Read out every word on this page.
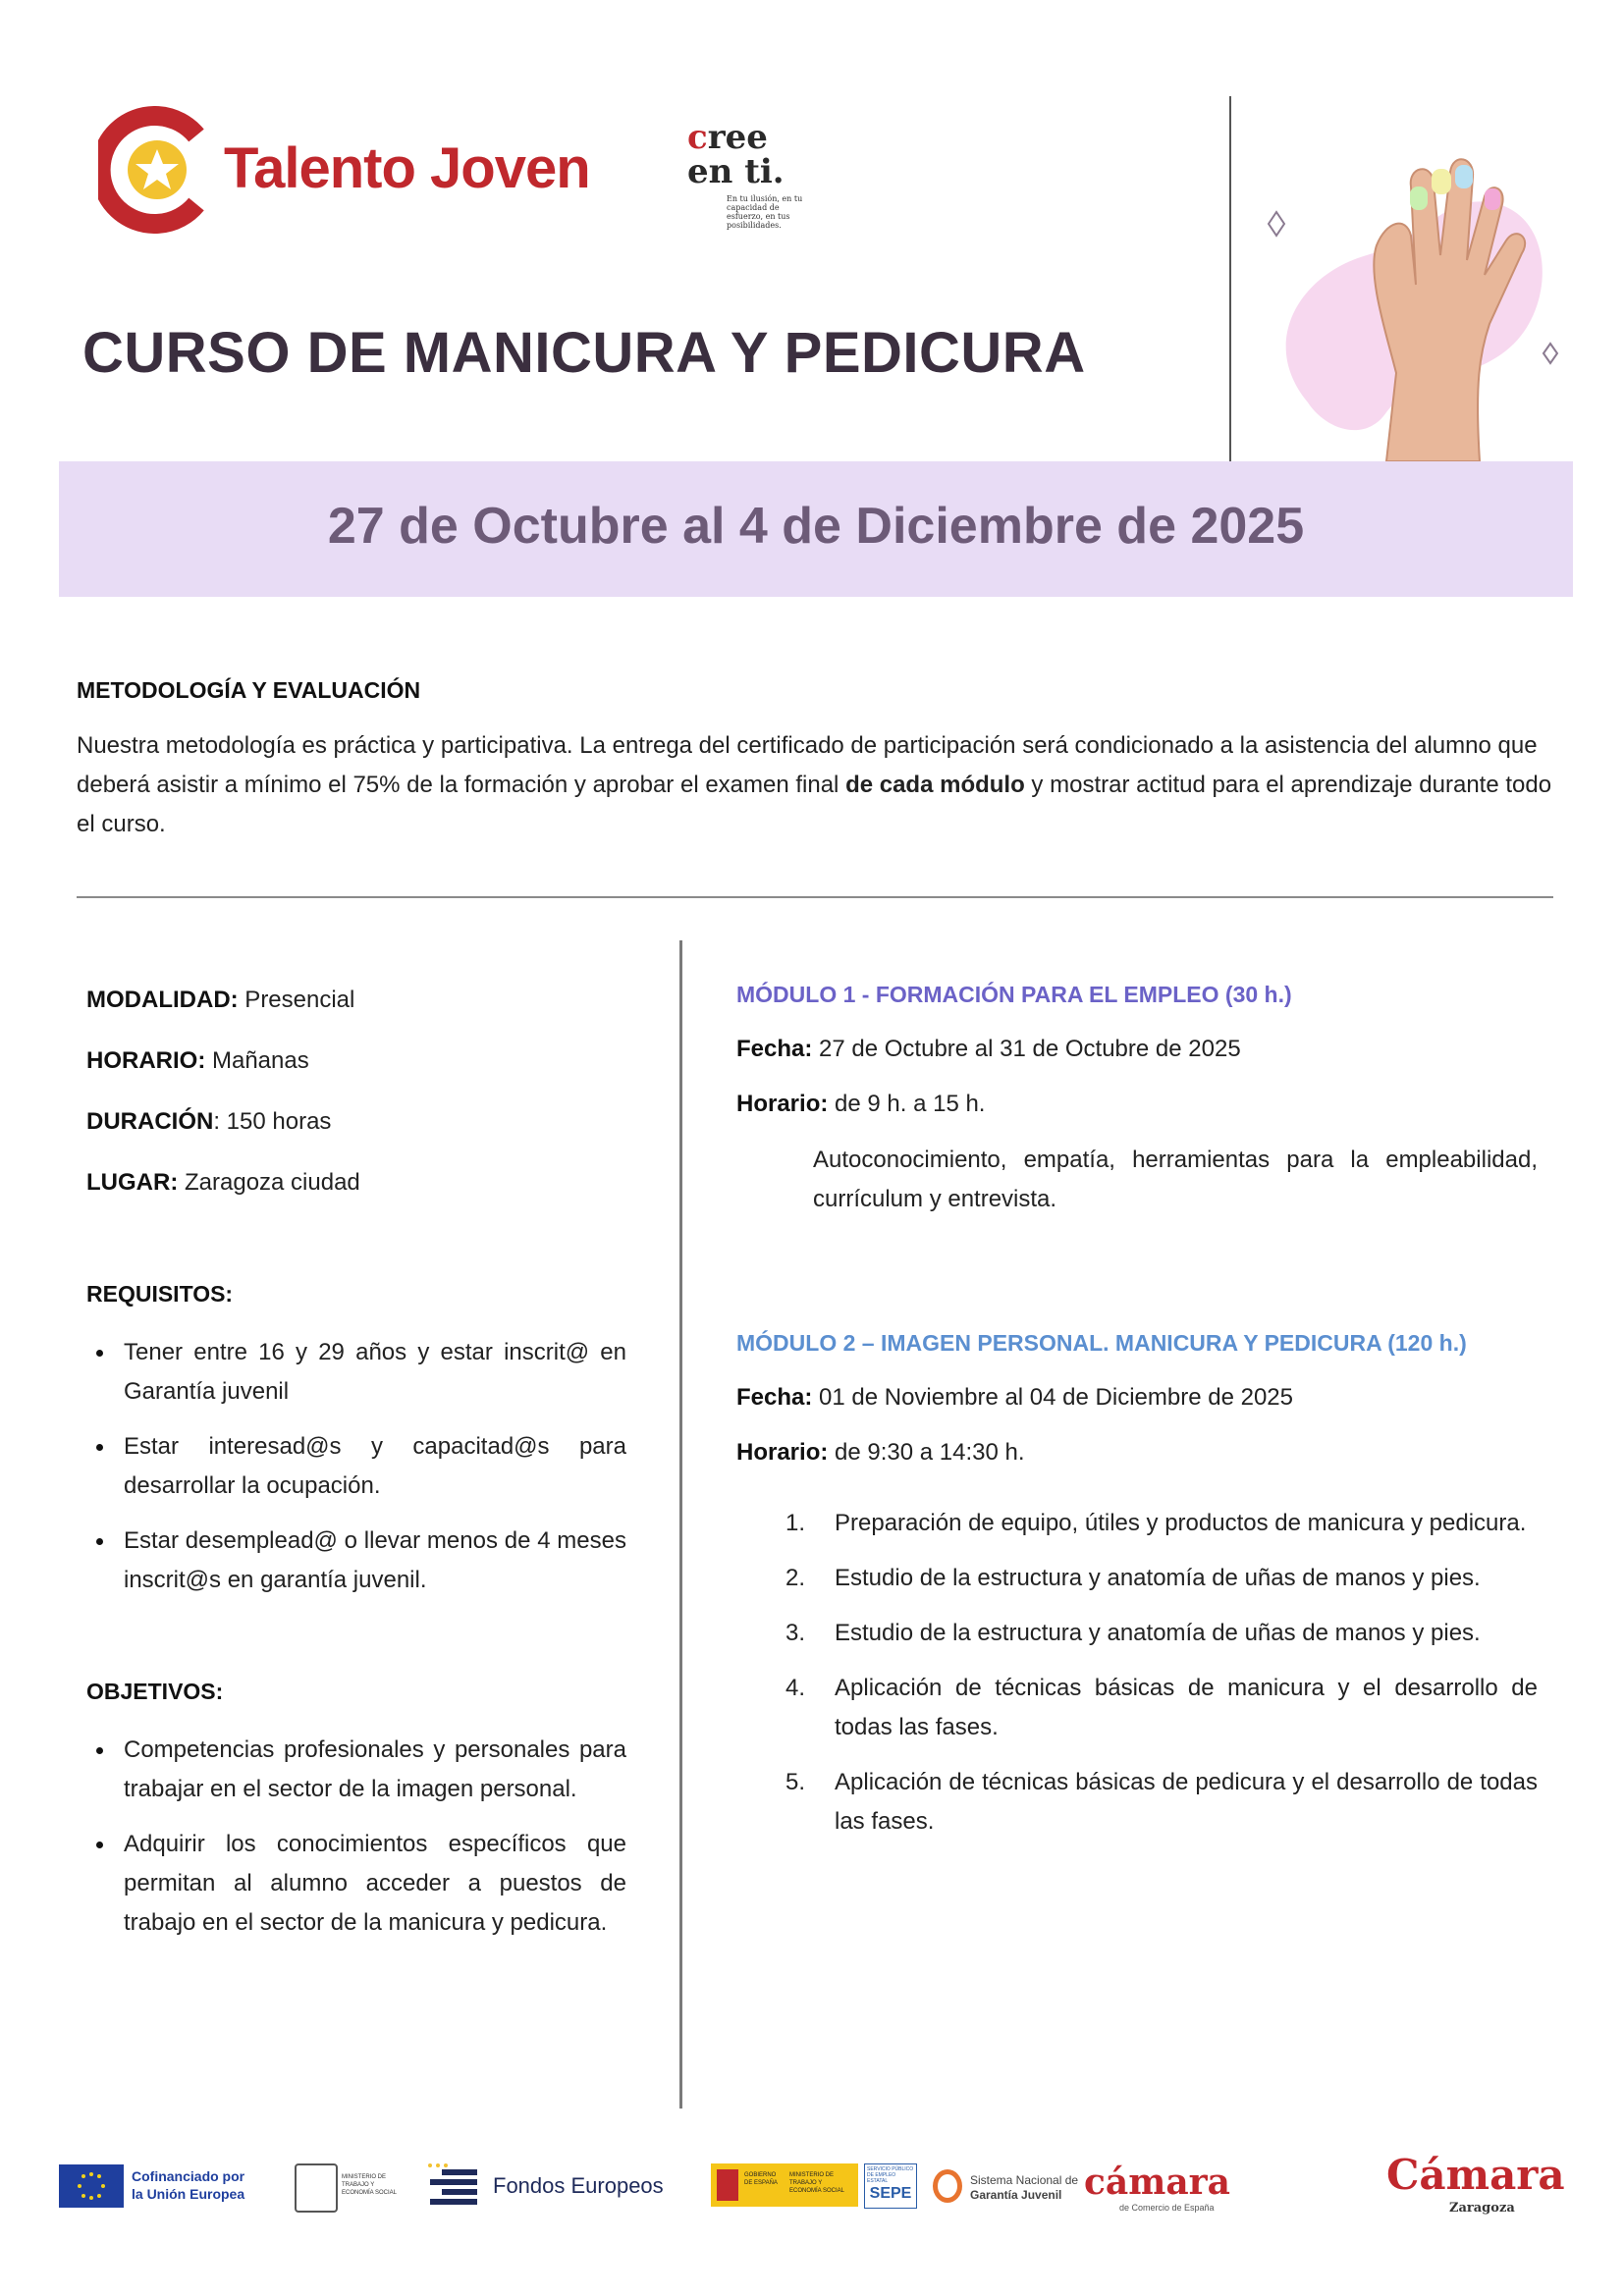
Talento Joven	cree
en ti.
En tu ilusión, en tu capacidad de esfuerzo, en tus posibilidades.
CURSO DE MANICURA Y PEDICURA
27 de Octubre al 4 de Diciembre de 2025
METODOLOGÍA Y EVALUACIÓN
Nuestra metodología es práctica y participativa. La entrega del certificado de participación será condicionado a la asistencia del alumno que deberá asistir a mínimo el 75% de la formación y aprobar el examen final de cada módulo y mostrar actitud para el aprendizaje durante todo el curso.
MODALIDAD: Presencial
HORARIO: Mañanas
DURACIÓN: 150 horas
LUGAR: Zaragoza ciudad
REQUISITOS:
Tener entre 16 y 29 años y estar inscrit@ en Garantía juvenil
Estar interesad@s y capacitad@s para desarrollar la ocupación.
Estar desemplead@ o llevar menos de 4 meses inscrit@s en garantía juvenil.
OBJETIVOS:
Competencias profesionales y personales para trabajar en el sector de la imagen personal.
Adquirir los conocimientos específicos que permitan al alumno acceder a puestos de trabajo en el sector de la manicura y pedicura.
MÓDULO 1 - FORMACIÓN PARA EL EMPLEO (30 h.)
Fecha: 27 de Octubre al 31 de Octubre de 2025
Horario: de 9 h. a 15 h.
Autoconocimiento, empatía, herramientas para la empleabilidad, currículum y entrevista.
MÓDULO 2 – IMAGEN PERSONAL. MANICURA Y PEDICURA (120 h.)
Fecha: 01 de Noviembre al 04 de Diciembre de 2025
Horario: de 9:30 a 14:30 h.
1. Preparación de equipo, útiles y productos de manicura y pedicura.
2. Estudio de la estructura y anatomía de uñas de manos y pies.
3. Estudio de la estructura y anatomía de uñas de manos y pies.
4. Aplicación de técnicas básicas de manicura y el desarrollo de todas las fases.
5. Aplicación de técnicas básicas de pedicura y el desarrollo de todas las fases.
Cofinanciado por
la Unión Europea
MINISTERIO DE TRABAJO Y ECONOMÍA SOCIAL	Fondos Europeos	GOBIERNO DE ESPAÑA
MINISTERIO DE TRABAJO Y ECONOMÍA SOCIAL
SERVICIO PÚBLICO DE EMPLEO ESTATAL
SEPE
Sistema Nacional de
Garantía Juvenil cámara
de Comercio de España
Cámara
Zaragoza
